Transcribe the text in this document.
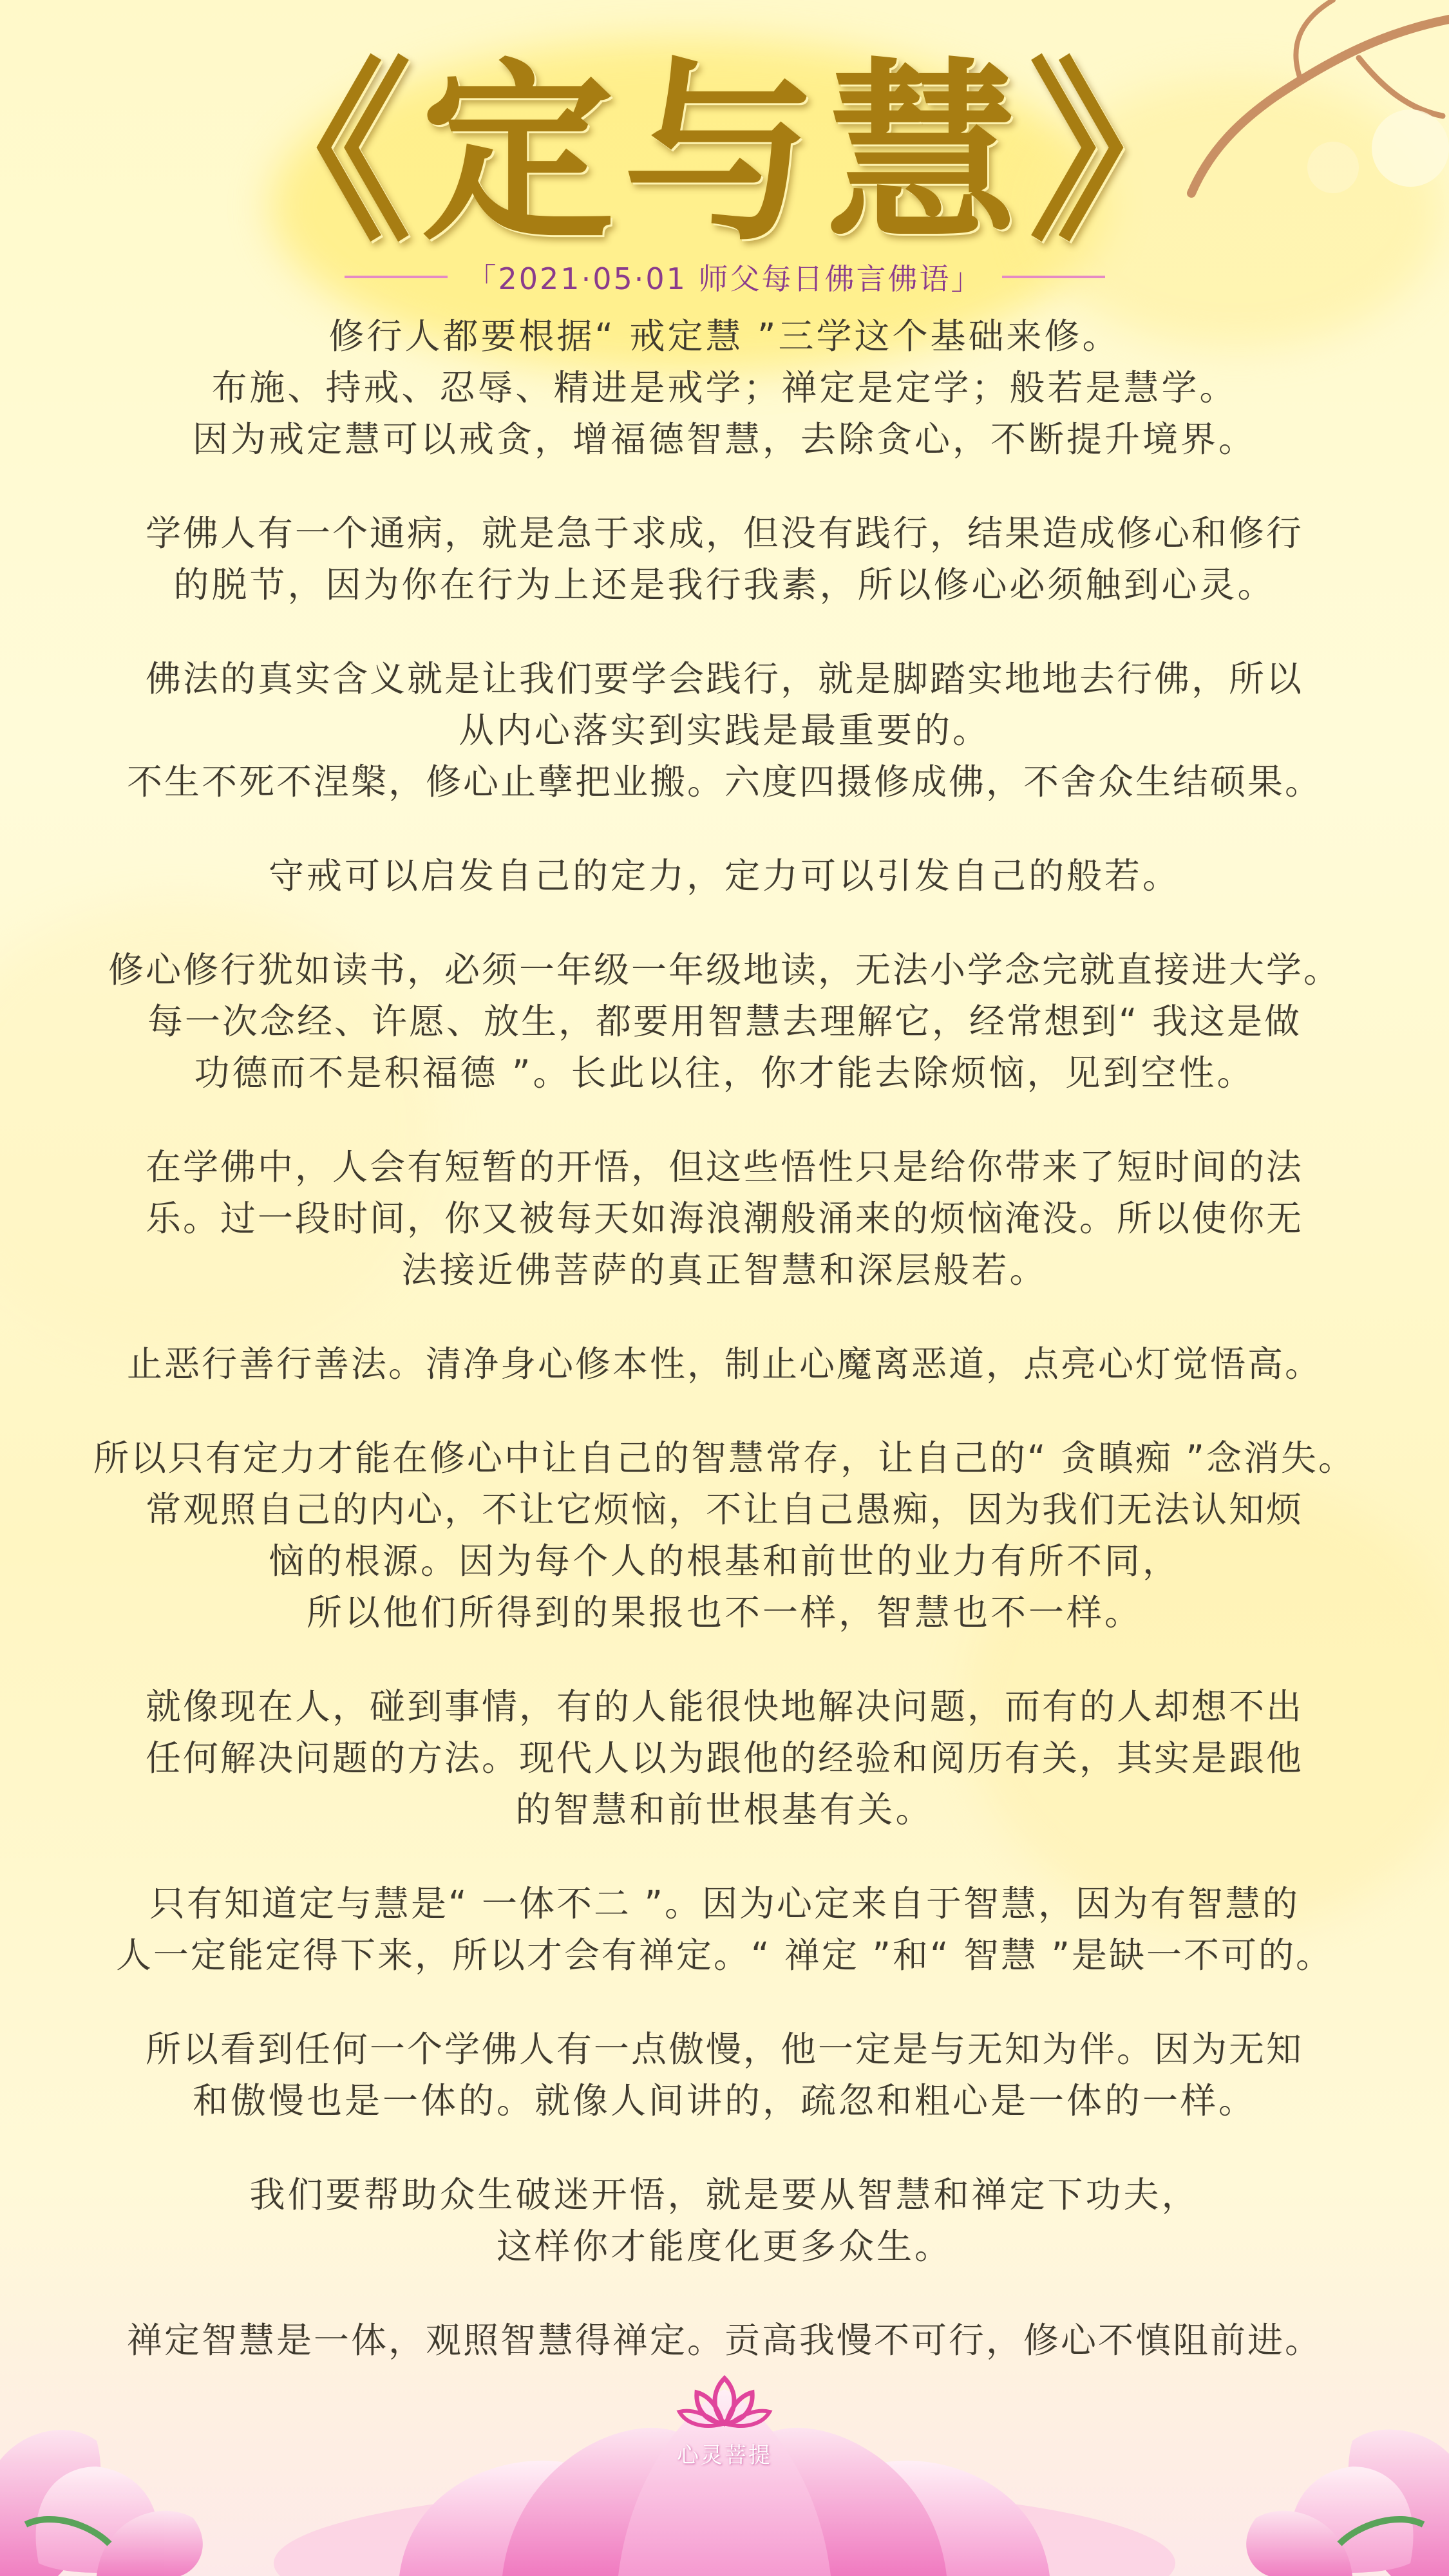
《定与慧》
「2021·05·01 师父每日佛言佛语」
修行人都要根据“ 戒定慧 ”三学这个基础来修。
布施、持戒、忍辱、精进是戒学；禅定是定学；般若是慧学。
因为戒定慧可以戒贪，增福德智慧，去除贪心，不断提升境界。
学佛人有一个通病，就是急于求成，但没有践行，结果造成修心和修行
的脱节，因为你在行为上还是我行我素，所以修心必须触到心灵。
佛法的真实含义就是让我们要学会践行，就是脚踏实地地去行佛，所以
从内心落实到实践是最重要的。
不生不死不涅槃，修心止孽把业搬。六度四摄修成佛，不舍众生结硕果。
守戒可以启发自己的定力，定力可以引发自己的般若。
修心修行犹如读书，必须一年级一年级地读，无法小学念完就直接进大学。
每一次念经、许愿、放生，都要用智慧去理解它，经常想到“ 我这是做
功德而不是积福德 ”。长此以往，你才能去除烦恼，见到空性。
在学佛中，人会有短暂的开悟，但这些悟性只是给你带来了短时间的法
乐。过一段时间，你又被每天如海浪潮般涌来的烦恼淹没。所以使你无
法接近佛菩萨的真正智慧和深层般若。
止恶行善行善法。清净身心修本性，制止心魔离恶道，点亮心灯觉悟高。
所以只有定力才能在修心中让自己的智慧常存，让自己的“ 贪瞋痴 ”念消失。
常观照自己的内心，不让它烦恼，不让自己愚痴，因为我们无法认知烦
恼的根源。因为每个人的根基和前世的业力有所不同，
所以他们所得到的果报也不一样，智慧也不一样。
就像现在人，碰到事情，有的人能很快地解决问题，而有的人却想不出
任何解决问题的方法。现代人以为跟他的经验和阅历有关，其实是跟他
的智慧和前世根基有关。
只有知道定与慧是“ 一体不二 ”。因为心定来自于智慧，因为有智慧的
人一定能定得下来，所以才会有禅定。“ 禅定 ”和“ 智慧 ”是缺一不可的。
所以看到任何一个学佛人有一点傲慢，他一定是与无知为伴。因为无知
和傲慢也是一体的。就像人间讲的，疏忽和粗心是一体的一样。
我们要帮助众生破迷开悟，就是要从智慧和禅定下功夫，
这样你才能度化更多众生。
禅定智慧是一体，观照智慧得禅定。贡高我慢不可行，修心不慎阻前进。
心灵菩提
